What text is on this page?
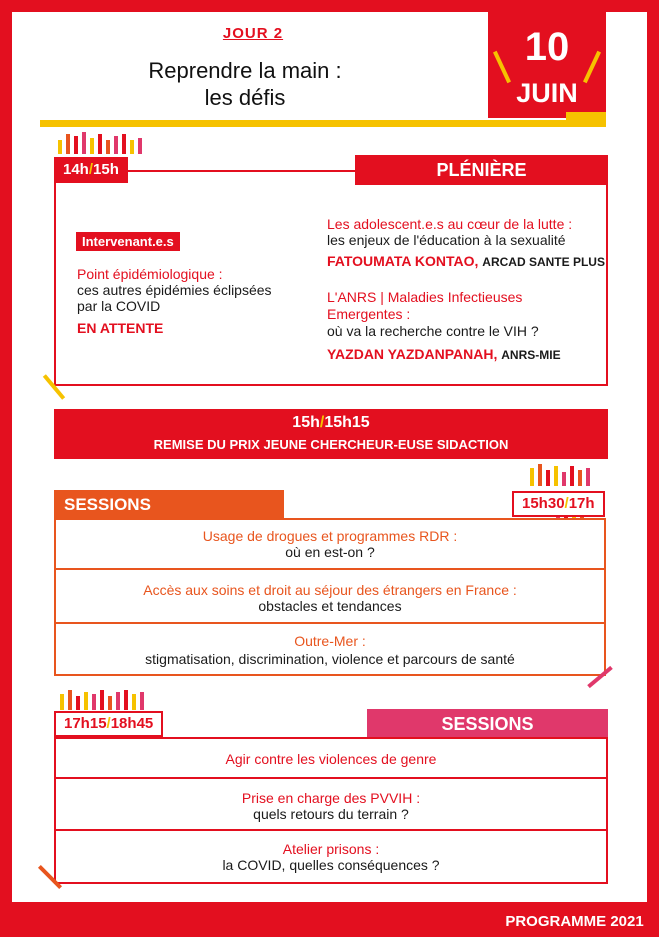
JOUR 2
Reprendre la main :
les défis
10
JUIN
14h/15h	PLÉNIÈRE D'INFORMATION
Intervenant.e.s
Point épidémiologique :
ces autres épidémies éclipsées
par la COVID
EN ATTENTE
Les adolescent.e.s au cœur de la lutte :
les enjeux de l'éducation à la sexualité
FATOUMATA KONTAO, ARCAD SANTE PLUS
L'ANRS | Maladies Infectieuses
Emergentes :
où va la recherche contre le VIH ?
YAZDAN YAZDANPANAH, ANRS-MIE
15h/15h15
REMISE DU PRIX JEUNE CHERCHEUR-EUSE SIDACTION
SESSIONS	15h30/17h
Usage de drogues et programmes RDR :
où en est-on ?
Accès aux soins et droit au séjour des étrangers en France :
obstacles et tendances
Outre-Mer :
stigmatisation, discrimination, violence et parcours de santé
17h15/18h45	SESSIONS
Agir contre les violences de genre
Prise en charge des PVVIH :
quels retours du terrain ?
Atelier prisons :
la COVID, quelles conséquences ?
PROGRAMME 2021
